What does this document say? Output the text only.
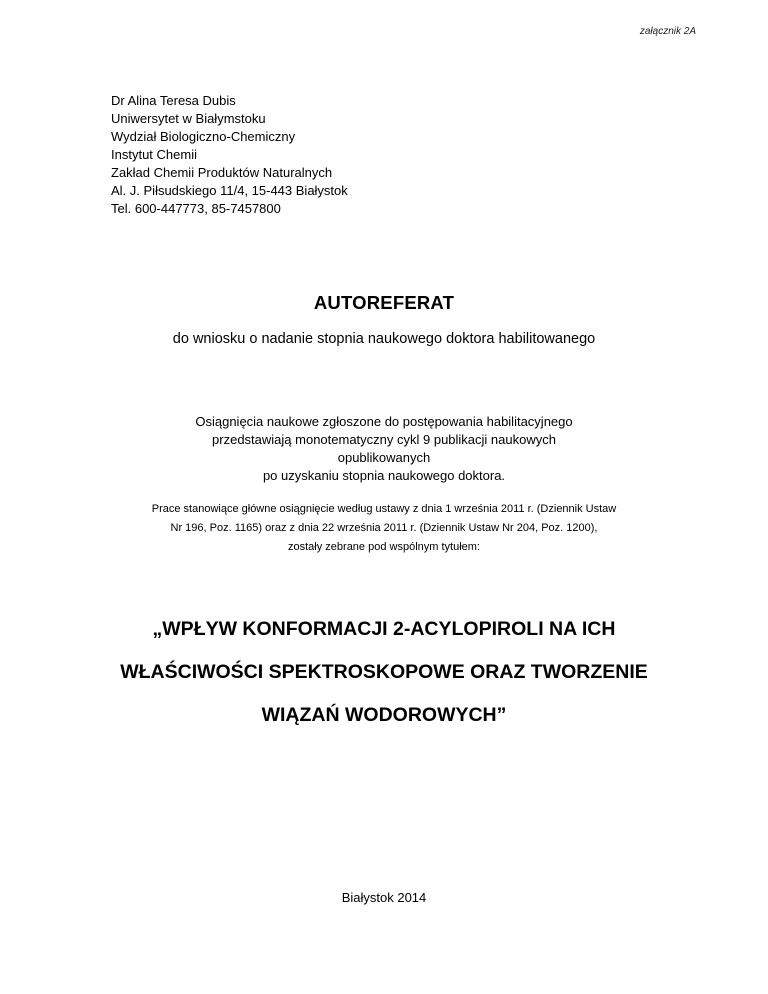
załącznik 2A
Dr Alina Teresa Dubis
Uniwersytet w Białymstoku
Wydział Biologiczno-Chemiczny
Instytut Chemii
Zakład Chemii Produktów Naturalnych
Al. J. Piłsudskiego 11/4, 15-443 Białystok
Tel. 600-447773, 85-7457800
AUTOREFERAT
do wniosku o nadanie stopnia naukowego doktora habilitowanego
Osiągnięcia naukowe zgłoszone do postępowania habilitacyjnego
przedstawiają monotematyczny cykl 9 publikacji naukowych
opublikowanych
po uzyskaniu stopnia naukowego doktora.
Prace stanowiące główne osiągnięcie według ustawy z dnia 1 września 2011 r. (Dziennik Ustaw
Nr 196, Poz. 1165) oraz z dnia 22 września 2011 r. (Dziennik Ustaw Nr 204, Poz. 1200),
zostały zebrane pod wspólnym tytułem:
„WPŁYW KONFORMACJI 2-ACYLOPIROLI NA ICH
WŁAŚCIWOŚCI SPEKTROSKOPOWE ORAZ TWORZENIE
WIĄZAŃ WODOROWYCH”
Białystok 2014
